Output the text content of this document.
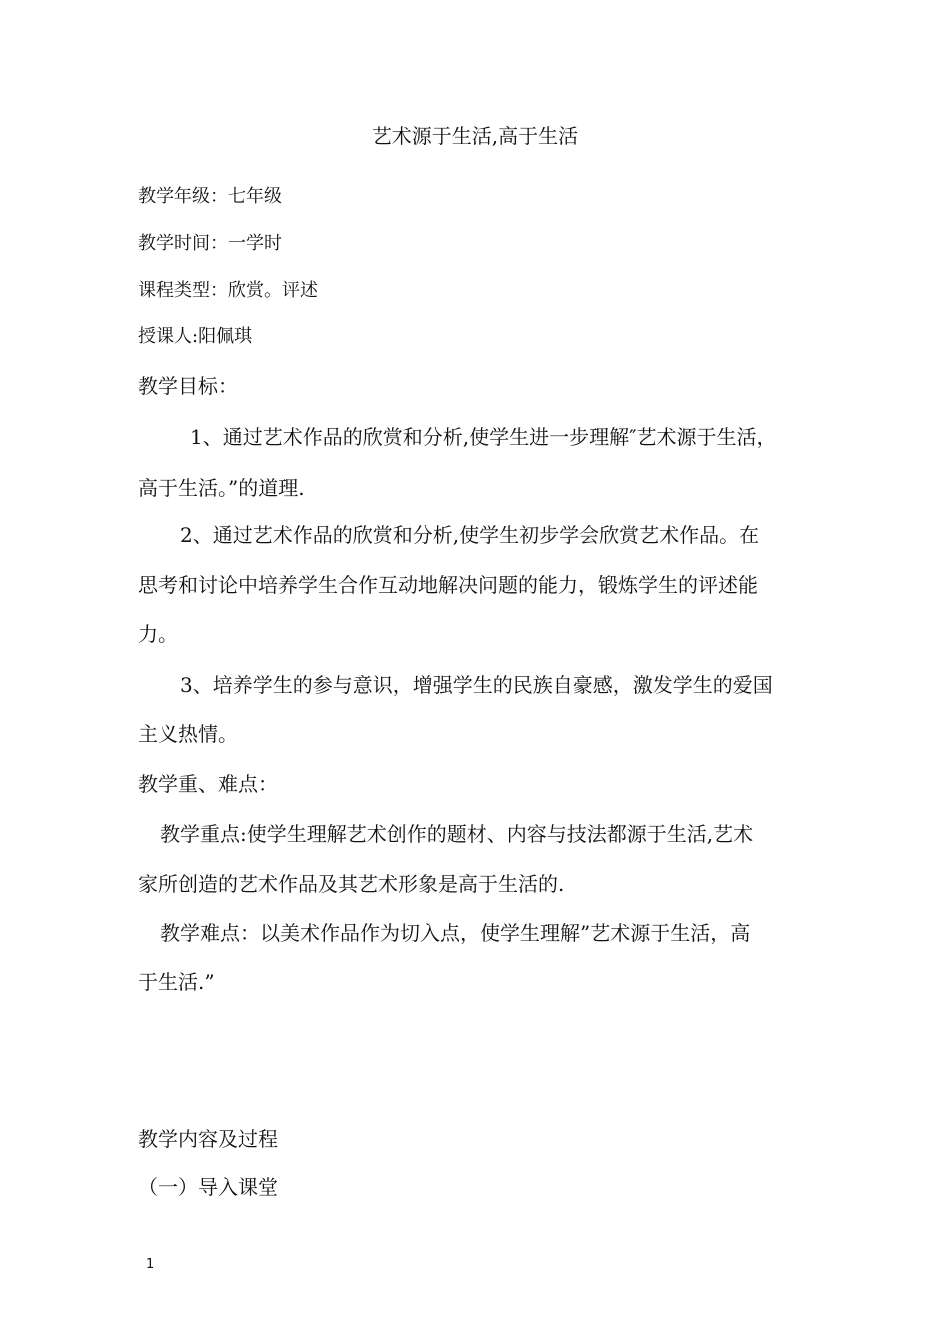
艺术源于生活,高于生活
教学年级：七年级
教学时间：一学时
课程类型：欣赏。评述
授课人:阳佩琪
教学目标：
1、通过艺术作品的欣赏和分析,使学生进一步理解″艺术源于生活，
高于生活。”的道理.
2、通过艺术作品的欣赏和分析,使学生初步学会欣赏艺术作品。在
思考和讨论中培养学生合作互动地解决问题的能力，锻炼学生的评述能
力。
3、培养学生的参与意识，增强学生的民族自豪感，激发学生的爱国
主义热情。
教学重、难点：
教学重点:使学生理解艺术创作的题材、内容与技法都源于生活,艺术
家所创造的艺术作品及其艺术形象是高于生活的.
教学难点：以美术作品作为切入点，使学生理解”艺术源于生活，高
于生活.”
教学内容及过程
（一）导入课堂
1
